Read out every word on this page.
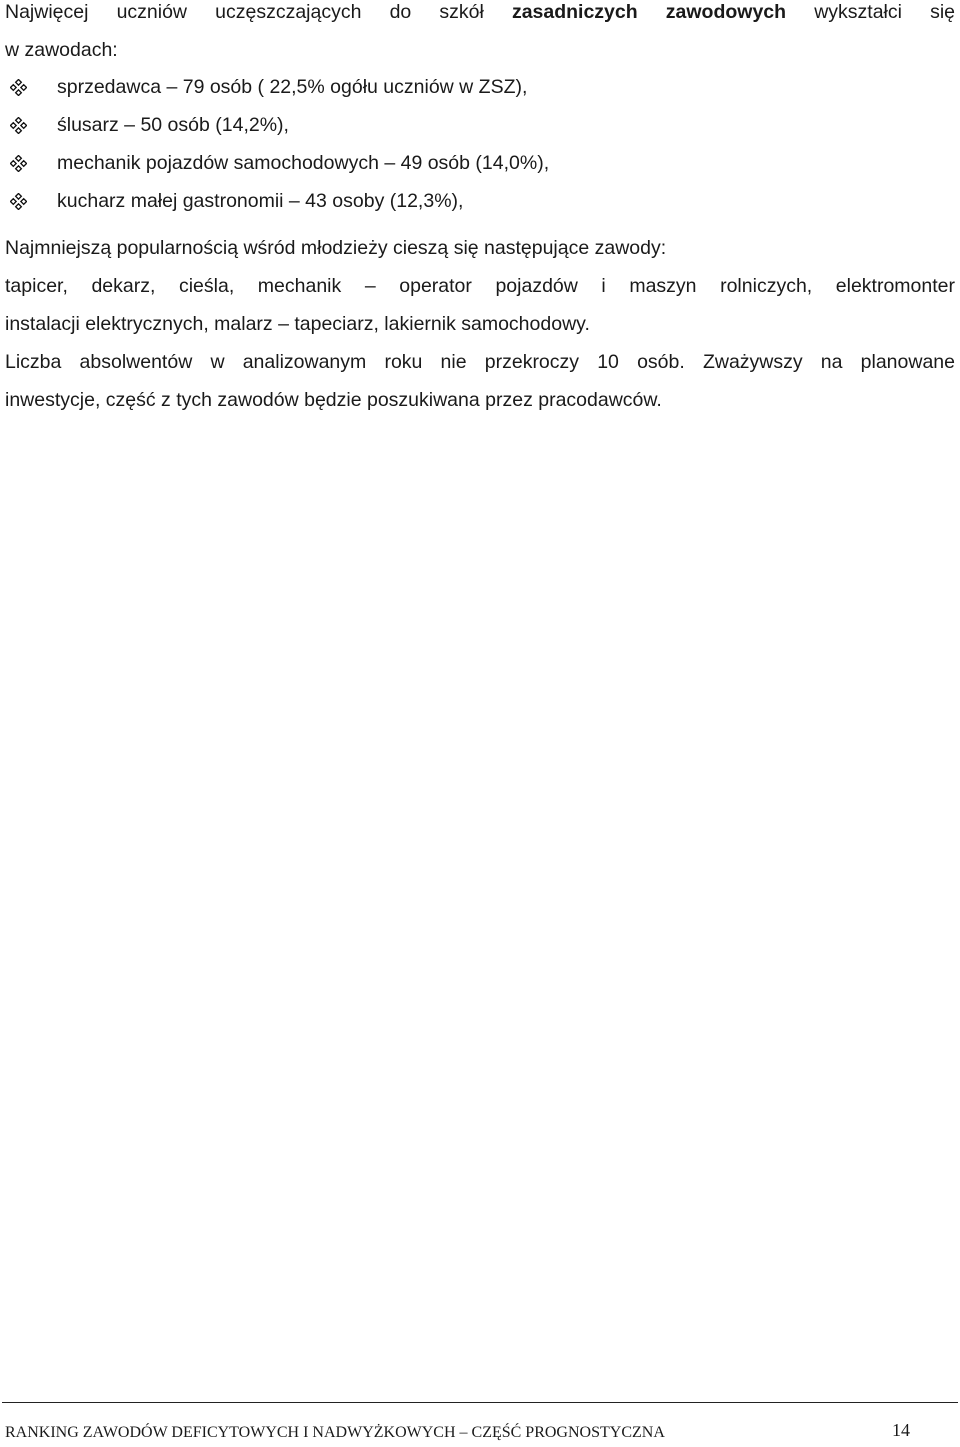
Najwięcej uczniów uczęszczających do szkół zasadniczych zawodowych wykształci się
w zawodach:
sprzedawca – 79 osób ( 22,5% ogółu uczniów w ZSZ),
ślusarz – 50 osób (14,2%),
mechanik pojazdów samochodowych – 49 osób (14,0%),
kucharz małej gastronomii – 43 osoby (12,3%),
Najmniejszą popularnością wśród młodzieży cieszą się następujące zawody:
tapicer, dekarz, cieśla, mechanik – operator pojazdów i maszyn rolniczych, elektromonter
instalacji elektrycznych, malarz – tapeciarz, lakiernik samochodowy.
Liczba absolwentów w analizowanym roku nie przekroczy 10 osób. Zważywszy na planowane
inwestycje, część z tych zawodów będzie poszukiwana przez pracodawców.
RANKING ZAWODÓW DEFICYTOWYCH I NADWYŻKOWYCH – CZĘŚĆ PROGNOSTYCZNA	14
